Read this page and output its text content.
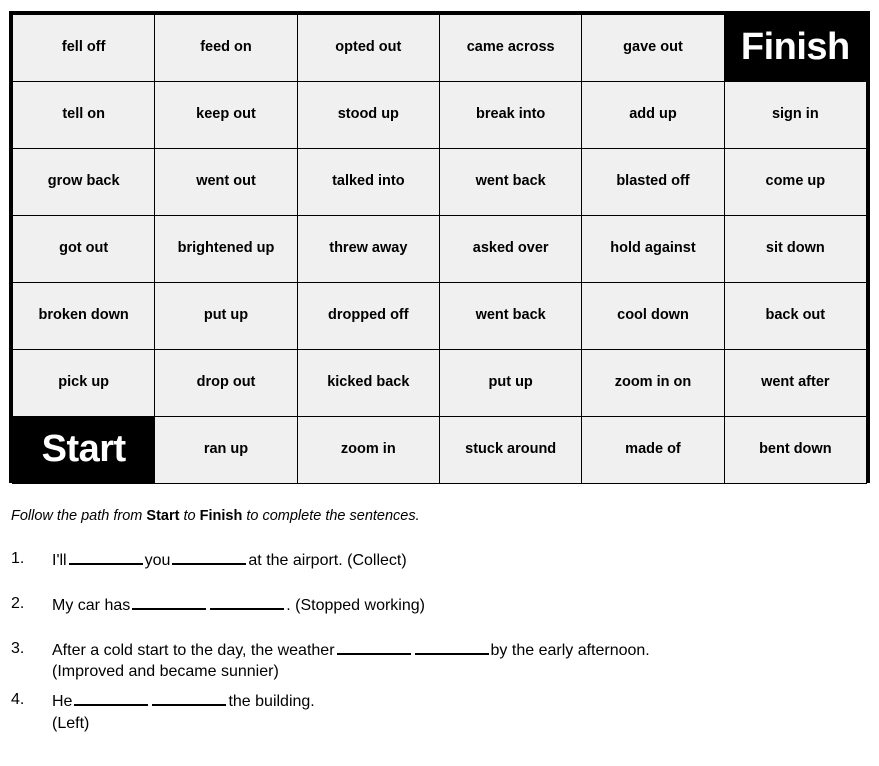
fell off	feed on	opted out	came across	gave out	Finish
tell on	keep out	stood up	break into	add up	sign in
grow back	went out	talked into	went back	blasted off	come up
got out	brightened up	threw away	asked over	hold against	sit down
broken down	put up	dropped off	went back	cool down	back out
pick up	drop out	kicked back	put up	zoom in on	went after
Start	ran up	zoom in	stuck around	made of	bent down
Follow the path from Start to Finish to complete the sentences.
1.	I'll	you	at the airport. (Collect)
2.	My car has	. (Stopped working)
3.	After a cold start to the day, the weather	by the early afternoon.
(Improved and became sunnier)
4.	He	the building.
(Left)
